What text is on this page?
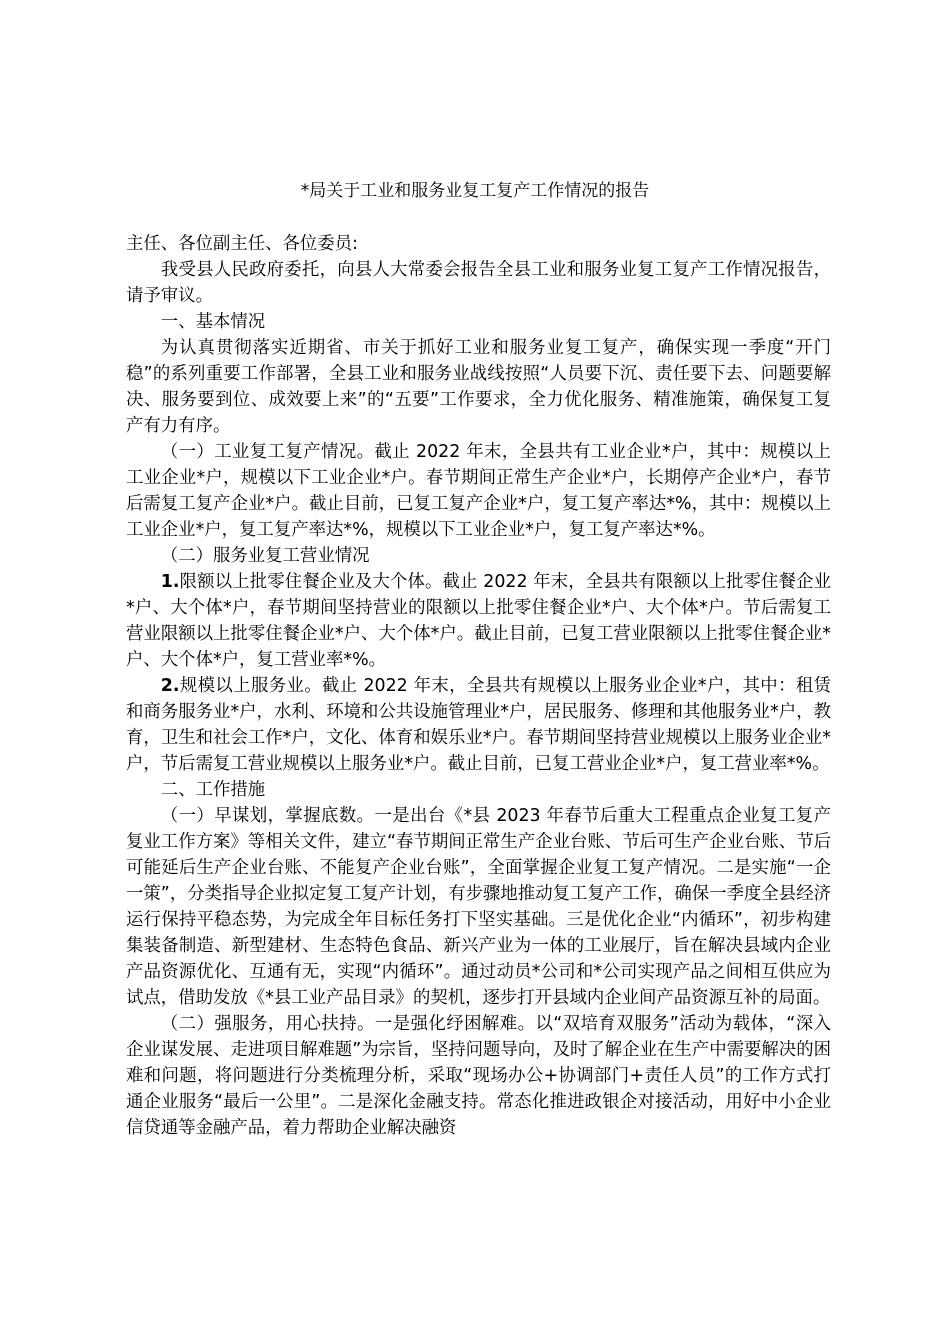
*局关于工业和服务业复工复产工作情况的报告

主任、各位副主任、各位委员:

我受县人民政府委托，向县人大常委会报告全县工业和服务业复工复产工作情况报告，请予审议。

一、基本情况

为认真贯彻落实近期省、市关于抓好工业和服务业复工复产，确保实现一季度“开门稳”的系列重要工作部署，全县工业和服务业战线按照“人员要下沉、责任要下去、问题要解决、服务要到位、成效要上来”的“五要”工作要求，全力优化服务、精准施策，确保复工复产有力有序。

（一）工业复工复产情况。截止 2022 年末，全县共有工业企业*户，其中：规模以上工业企业*户，规模以下工业企业*户。春节期间正常生产企业*户，长期停产企业*户，春节后需复工复产企业*户。截止目前，已复工复产企业*户，复工复产率达*%，其中：规模以上工业企业*户，复工复产率达*%，规模以下工业企业*户，复工复产率达*%。

（二）服务业复工营业情况

1.限额以上批零住餐企业及大个体。截止 2022 年末，全县共有限额以上批零住餐企业*户、大个体*户，春节期间坚持营业的限额以上批零住餐企业*户、大个体*户。节后需复工营业限额以上批零住餐企业*户、大个体*户。截止目前，已复工营业限额以上批零住餐企业*户、大个体*户，复工营业率*%。

2.规模以上服务业。截止 2022 年末，全县共有规模以上服务业企业*户，其中：租赁和商务服务业*户，水利、环境和公共设施管理业*户，居民服务、修理和其他服务业*户，教育，卫生和社会工作*户，文化、体育和娱乐业*户。春节期间坚持营业规模以上服务业企业*户，节后需复工营业规模以上服务业*户。截止目前，已复工营业企业*户，复工营业率*%。

二、工作措施

（一）早谋划，掌握底数。一是出台《*县 2023 年春节后重大工程重点企业复工复产复业工作方案》等相关文件，建立“春节期间正常生产企业台账、节后可生产企业台账、节后可能延后生产企业台账、不能复产企业台账”，全面掌握企业复工复产情况。二是实施“一企一策”，分类指导企业拟定复工复产计划，有步骤地推动复工复产工作，确保一季度全县经济运行保持平稳态势，为完成全年目标任务打下坚实基础。三是优化企业“内循环”，初步构建集装备制造、新型建材、生态特色食品、新兴产业为一体的工业展厅，旨在解决县域内企业产品资源优化、互通有无，实现“内循环”。通过动员*公司和*公司实现产品之间相互供应为试点，借助发放《*县工业产品目录》的契机，逐步打开县域内企业间产品资源互补的局面。

（二）强服务，用心扶持。一是强化纾困解难。以“双培育双服务”活动为载体，“深入企业谋发展、走进项目解难题”为宗旨，坚持问题导向，及时了解企业在生产中需要解决的困难和问题，将问题进行分类梳理分析，采取“现场办公+协调部门+责任人员”的工作方式打通企业服务“最后一公里”。二是深化金融支持。常态化推进政银企对接活动，用好中小企业信贷通等金融产品，着力帮助企业解决融资
